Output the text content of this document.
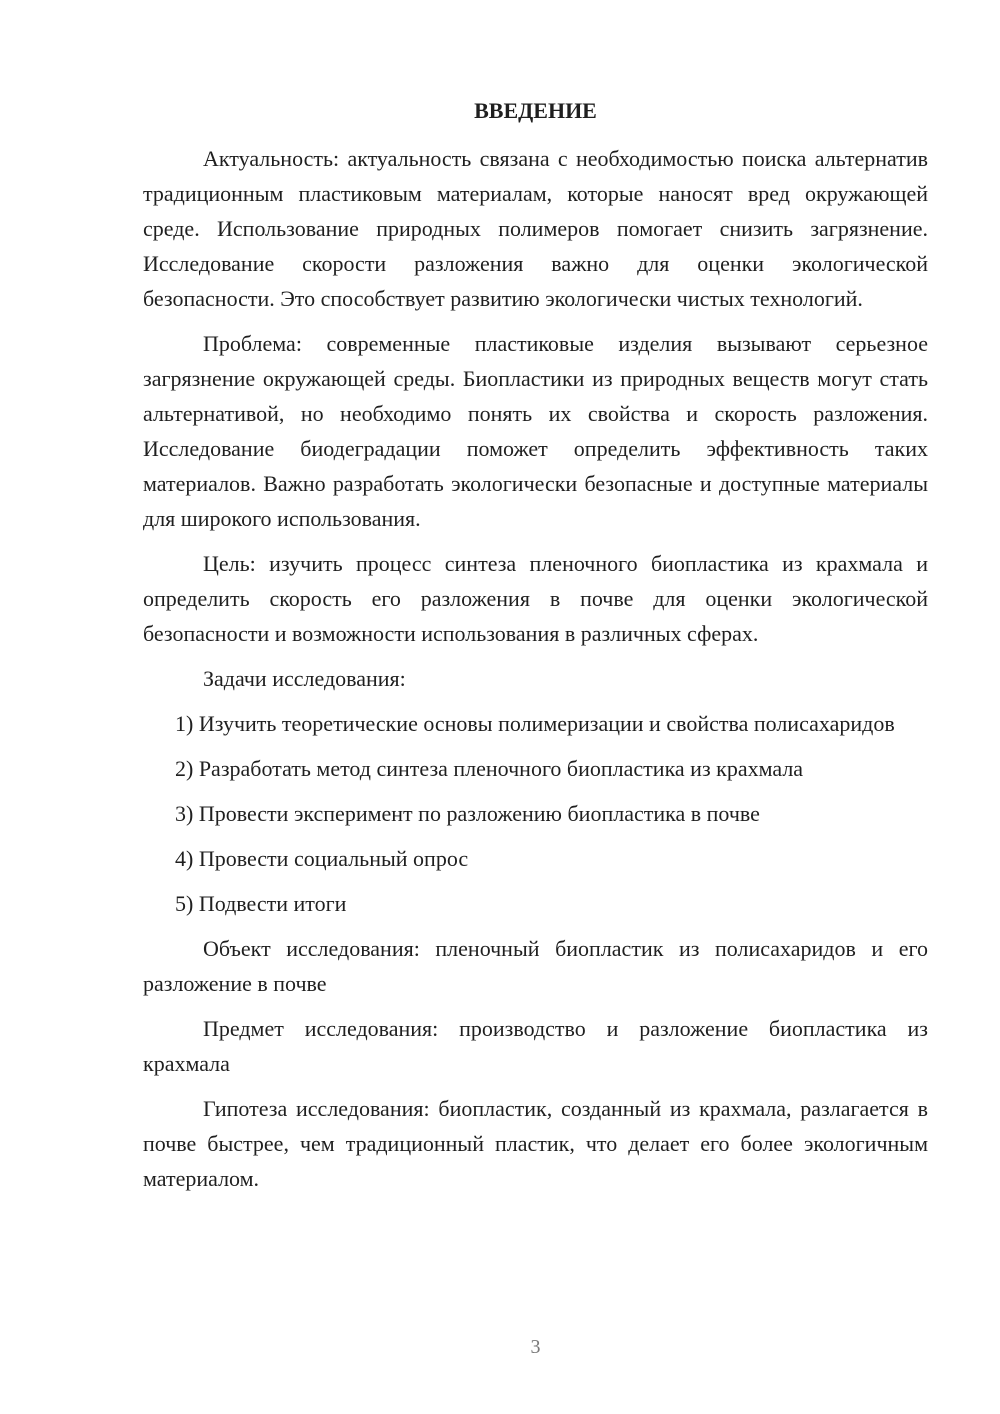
ВВЕДЕНИЕ

Актуальность: актуальность связана с необходимостью поиска альтернатив традиционным пластиковым материалам, которые наносят вред окружающей среде. Использование природных полимеров помогает снизить загрязнение. Исследование скорости разложения важно для оценки экологической безопасности. Это способствует развитию экологически чистых технологий.

Проблема: современные пластиковые изделия вызывают серьезное загрязнение окружающей среды. Биопластики из природных веществ могут стать альтернативой, но необходимо понять их свойства и скорость разложения. Исследование биодеградации поможет определить эффективность таких материалов. Важно разработать экологически безопасные и доступные материалы для широкого использования.

Цель: изучить процесс синтеза пленочного биопластика из крахмала и определить скорость его разложения в почве для оценки экологической безопасности и возможности использования в различных сферах.

Задачи исследования:

1) Изучить теоретические основы полимеризации и свойства полисахаридов

2) Разработать метод синтеза пленочного биопластика из крахмала

3) Провести эксперимент по разложению биопластика в почве

4) Провести социальный опрос

5) Подвести итоги

Объект исследования: пленочный биопластик из полисахаридов и его разложение в почве

Предмет исследования: производство и разложение биопластика из крахмала

Гипотеза исследования: биопластик, созданный из крахмала, разлагается в почве быстрее, чем традиционный пластик, что делает его более экологичным материалом.

3
